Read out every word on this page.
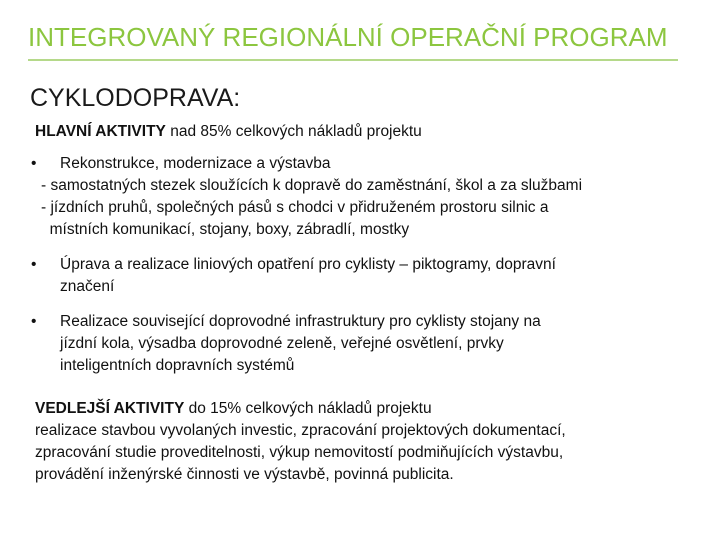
INTEGROVANÝ REGIONÁLNÍ OPERAČNÍ PROGRAM
CYKLODOPRAVA:
HLAVNÍ AKTIVITY nad 85% celkových nákladů projektu
• Rekonstrukce, modernizace a výstavba
- samostatných stezek sloužících k dopravě do zaměstnání, škol a za službami
- jízdních pruhů, společných pásů s chodci v přidruženém prostoru silnic a
místních komunikací, stojany, boxy, zábradlí, mostky
• Úprava a realizace liniových opatření pro cyklisty – piktogramy, dopravní
značení
• Realizace související doprovodné infrastruktury pro cyklisty stojany na
jízdní kola, výsadba doprovodné zeleně, veřejné osvětlení, prvky
inteligentních dopravních systémů
VEDLEJŠÍ AKTIVITY do 15% celkových nákladů projektu
realizace stavbou vyvolaných investic, zpracování projektových dokumentací,
zpracování studie proveditelnosti, výkup nemovitostí podmiňujících výstavbu,
provádění inženýrské činnosti ve výstavbě, povinná publicita.
